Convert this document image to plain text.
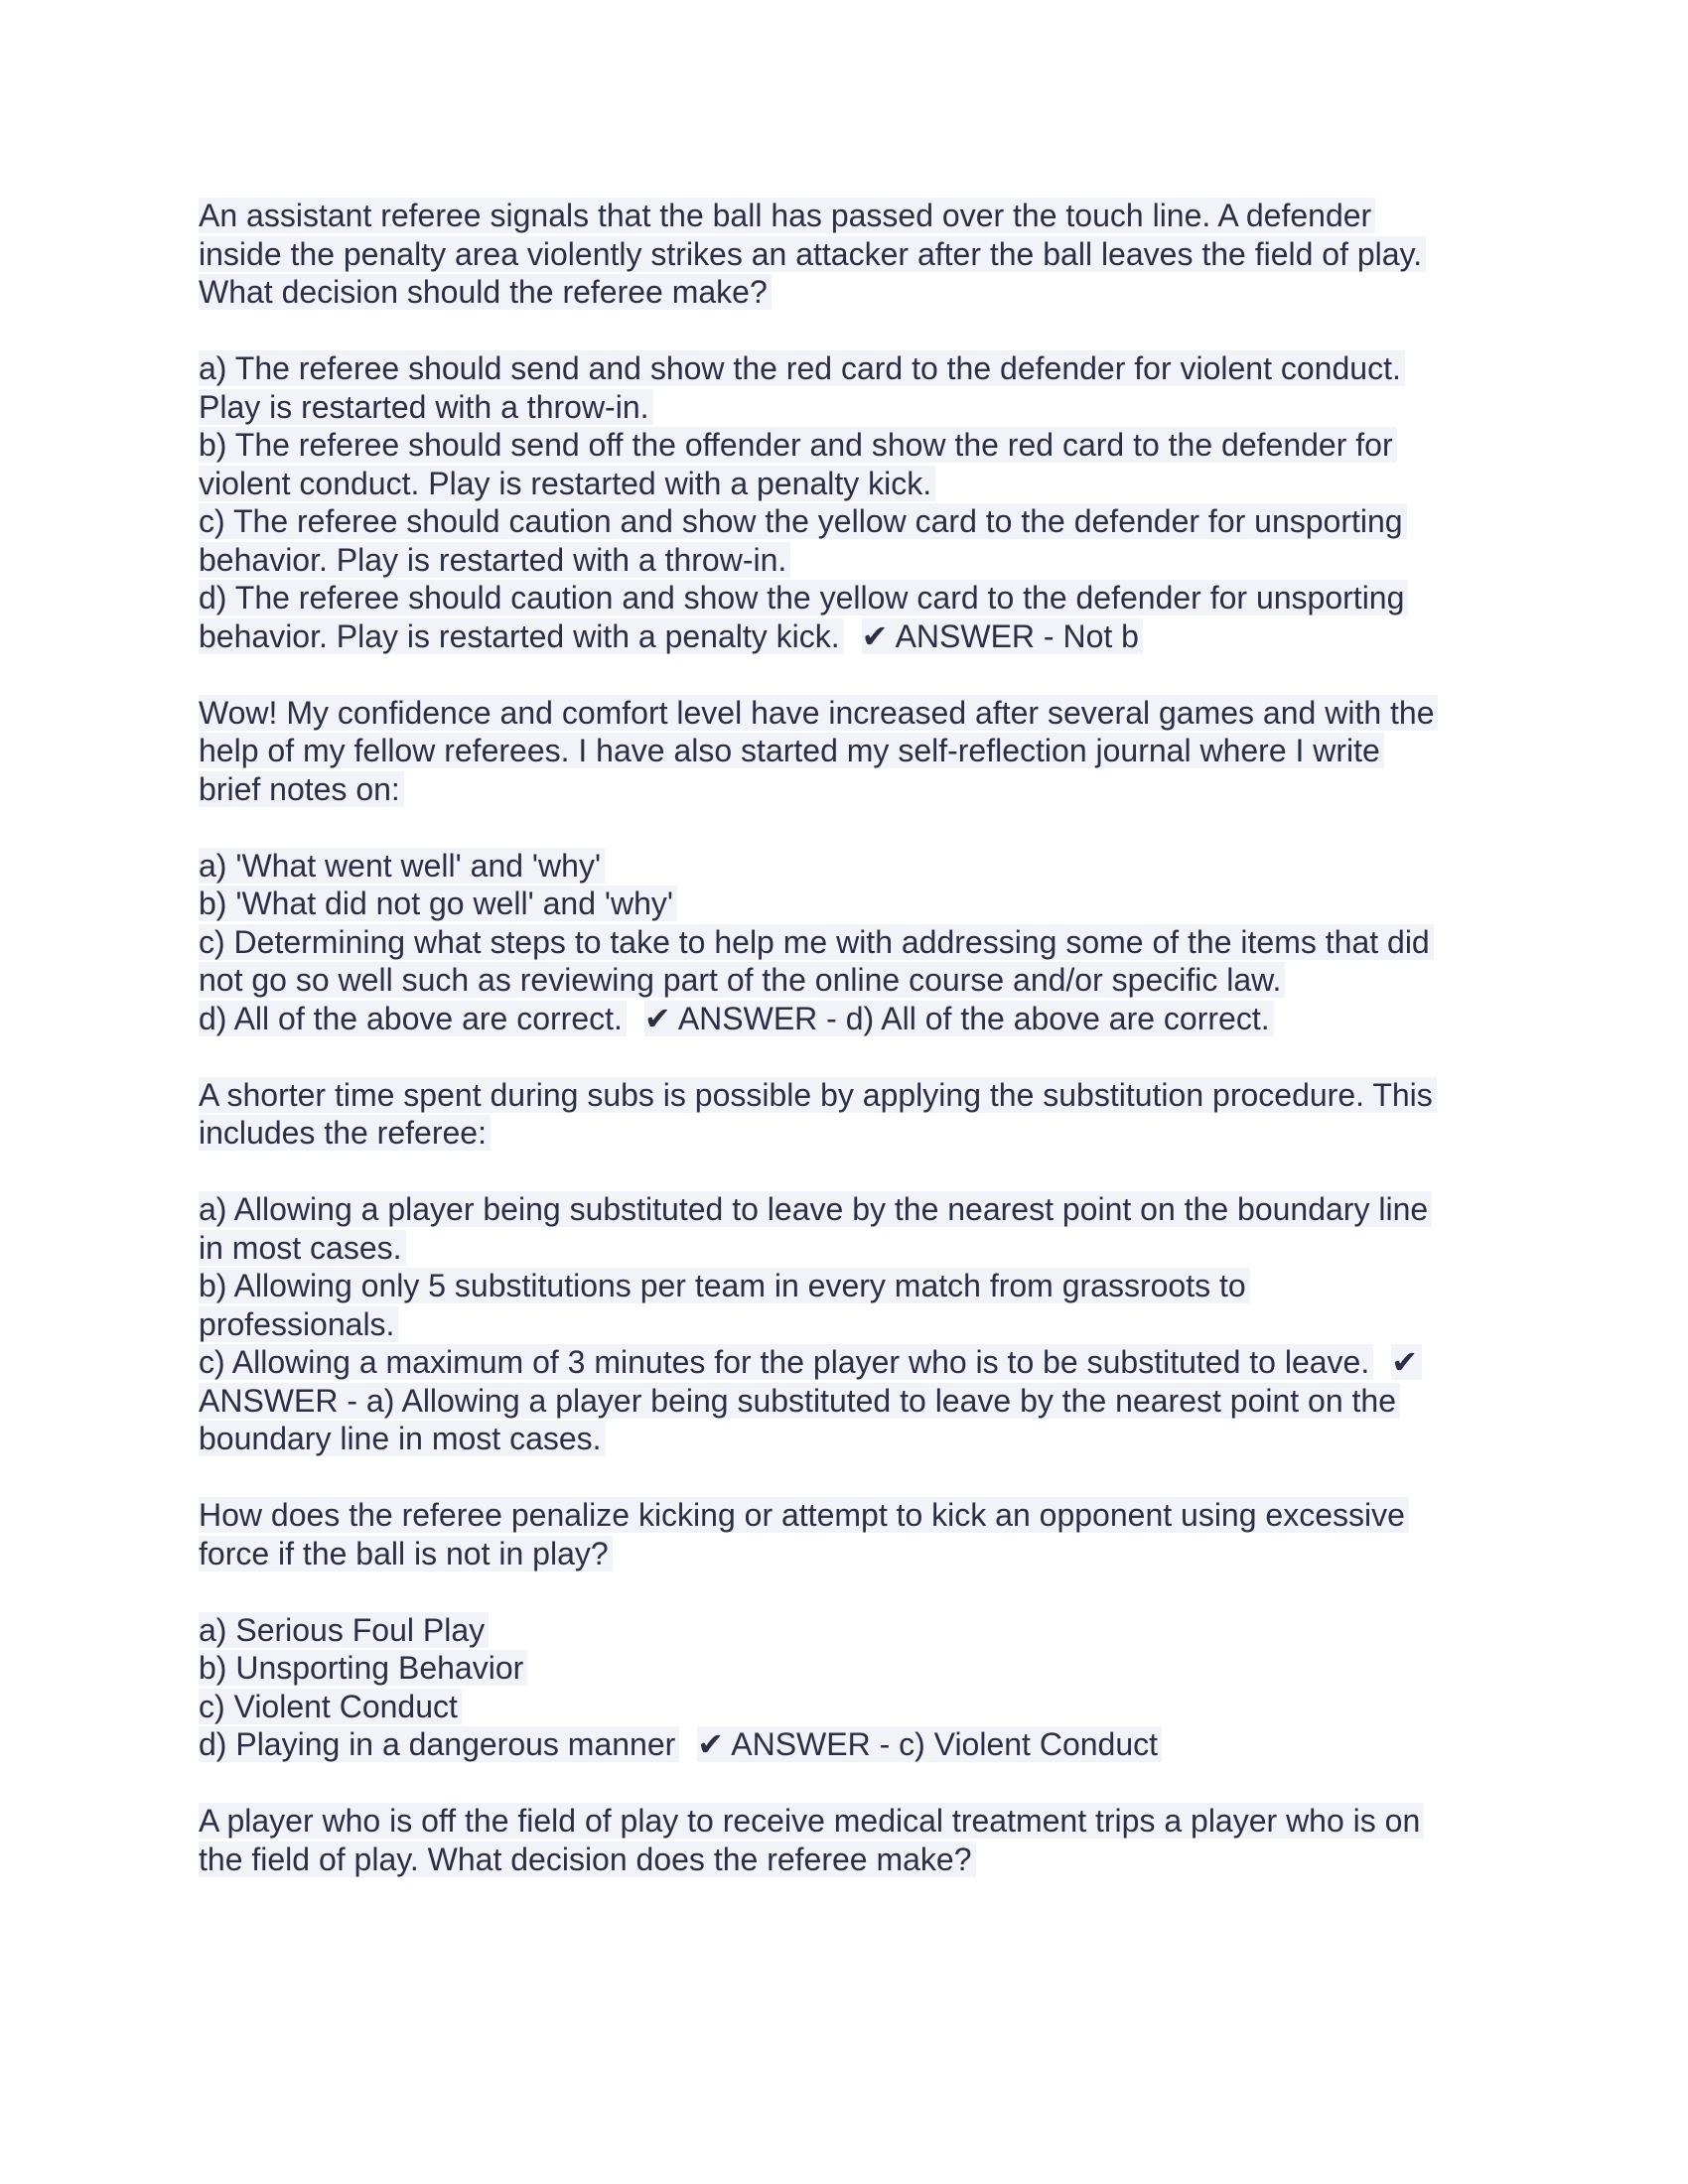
An assistant referee signals that the ball has passed over the touch line. A defender
inside the penalty area violently strikes an attacker after the ball leaves the field of play.
What decision should the referee make?
a) The referee should send and show the red card to the defender for violent conduct.
Play is restarted with a throw-in.
b) The referee should send off the offender and show the red card to the defender for
violent conduct. Play is restarted with a penalty kick.
c) The referee should caution and show the yellow card to the defender for unsporting
behavior. Play is restarted with a throw-in.
d) The referee should caution and show the yellow card to the defender for unsporting
behavior. Play is restarted with a penalty kick. ✔ ANSWER - Not b
Wow! My confidence and comfort level have increased after several games and with the
help of my fellow referees. I have also started my self-reflection journal where I write
brief notes on:
a) 'What went well' and 'why'
b) 'What did not go well' and 'why'
c) Determining what steps to take to help me with addressing some of the items that did
not go so well such as reviewing part of the online course and/or specific law.
d) All of the above are correct. ✔ ANSWER - d) All of the above are correct.
A shorter time spent during subs is possible by applying the substitution procedure. This
includes the referee:
a) Allowing a player being substituted to leave by the nearest point on the boundary line
in most cases.
b) Allowing only 5 substitutions per team in every match from grassroots to
professionals.
c) Allowing a maximum of 3 minutes for the player who is to be substituted to leave. ✔
ANSWER - a) Allowing a player being substituted to leave by the nearest point on the
boundary line in most cases.
How does the referee penalize kicking or attempt to kick an opponent using excessive
force if the ball is not in play?
a) Serious Foul Play
b) Unsporting Behavior
c) Violent Conduct
d) Playing in a dangerous manner ✔ ANSWER - c) Violent Conduct
A player who is off the field of play to receive medical treatment trips a player who is on
the field of play. What decision does the referee make?
